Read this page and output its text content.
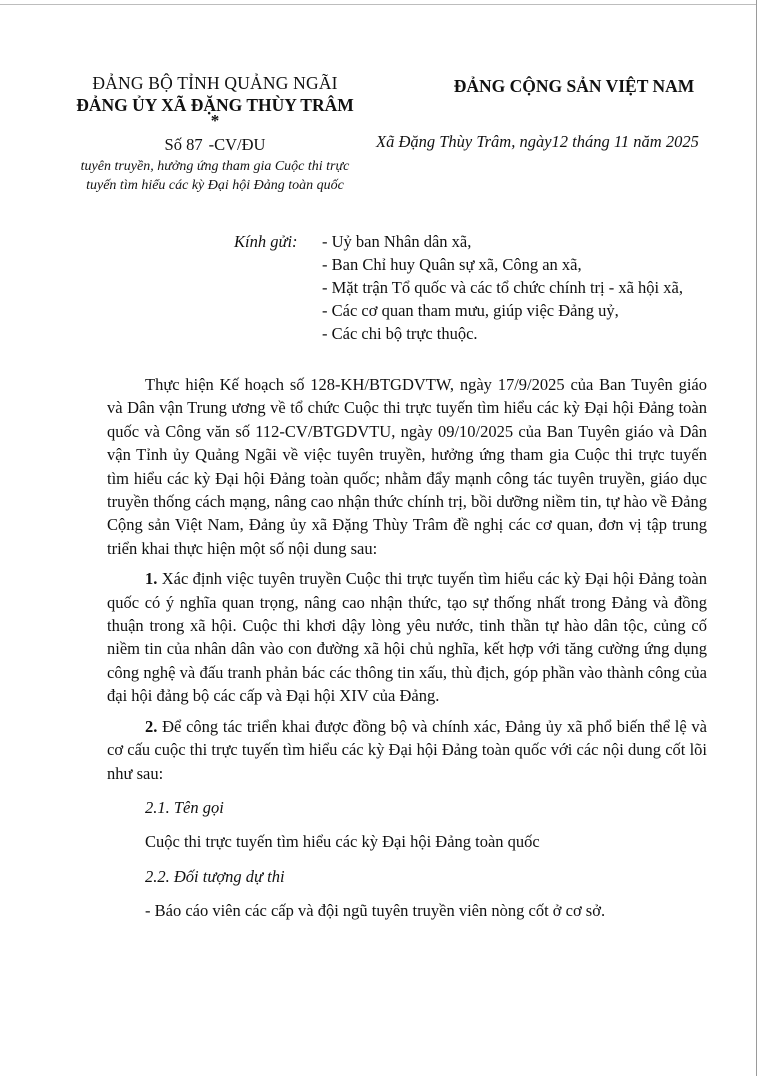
ĐẢNG BỘ TỈNH QUẢNG NGÃI
ĐẢNG ỦY XÃ ĐẶNG THÙY TRÂM
*
Số 87 -CV/ĐU
tuyên truyền, hưởng ứng tham gia Cuộc thi trực
tuyến tìm hiểu các kỳ Đại hội Đảng toàn quốc
ĐẢNG CỘNG SẢN VIỆT NAM
Xã Đặng Thùy Trâm, ngày12 tháng 11 năm 2025
Kính gửi: - Uỷ ban Nhân dân xã,
- Ban Chỉ huy Quân sự xã, Công an xã,
- Mặt trận Tổ quốc và các tổ chức chính trị - xã hội xã,
- Các cơ quan tham mưu, giúp việc Đảng uỷ,
- Các chi bộ trực thuộc.

Thực hiện Kế hoạch số 128-KH/BTGDVTW, ngày 17/9/2025 của Ban Tuyên giáo và Dân vận Trung ương về tổ chức Cuộc thi trực tuyến tìm hiểu các kỳ Đại hội Đảng toàn quốc và Công văn số 112-CV/BTGDVTU, ngày 09/10/2025 của Ban Tuyên giáo và Dân vận Tỉnh ủy Quảng Ngãi về việc tuyên truyền, hưởng ứng tham gia Cuộc thi trực tuyến tìm hiểu các kỳ Đại hội Đảng toàn quốc; nhằm đẩy mạnh công tác tuyên truyền, giáo dục truyền thống cách mạng, nâng cao nhận thức chính trị, bồi dưỡng niềm tin, tự hào về Đảng Cộng sản Việt Nam, Đảng ủy xã Đặng Thùy Trâm đề nghị các cơ quan, đơn vị tập trung triển khai thực hiện một số nội dung sau:

1. Xác định việc tuyên truyền Cuộc thi trực tuyến tìm hiểu các kỳ Đại hội Đảng toàn quốc có ý nghĩa quan trọng, nâng cao nhận thức, tạo sự thống nhất trong Đảng và đồng thuận trong xã hội. Cuộc thi khơi dậy lòng yêu nước, tinh thần tự hào dân tộc, củng cố niềm tin của nhân dân vào con đường xã hội chủ nghĩa, kết hợp với tăng cường ứng dụng công nghệ và đấu tranh phản bác các thông tin xấu, thù địch, góp phần vào thành công của đại hội đảng bộ các cấp và Đại hội XIV của Đảng.

2. Để công tác triển khai được đồng bộ và chính xác, Đảng ủy xã phổ biến thể lệ và cơ cấu cuộc thi trực tuyến tìm hiểu các kỳ Đại hội Đảng toàn quốc với các nội dung cốt lõi như sau:

2.1. Tên gọi

Cuộc thi trực tuyến tìm hiểu các kỳ Đại hội Đảng toàn quốc

2.2. Đối tượng dự thi

- Báo cáo viên các cấp và đội ngũ tuyên truyền viên nòng cốt ở cơ sở.
